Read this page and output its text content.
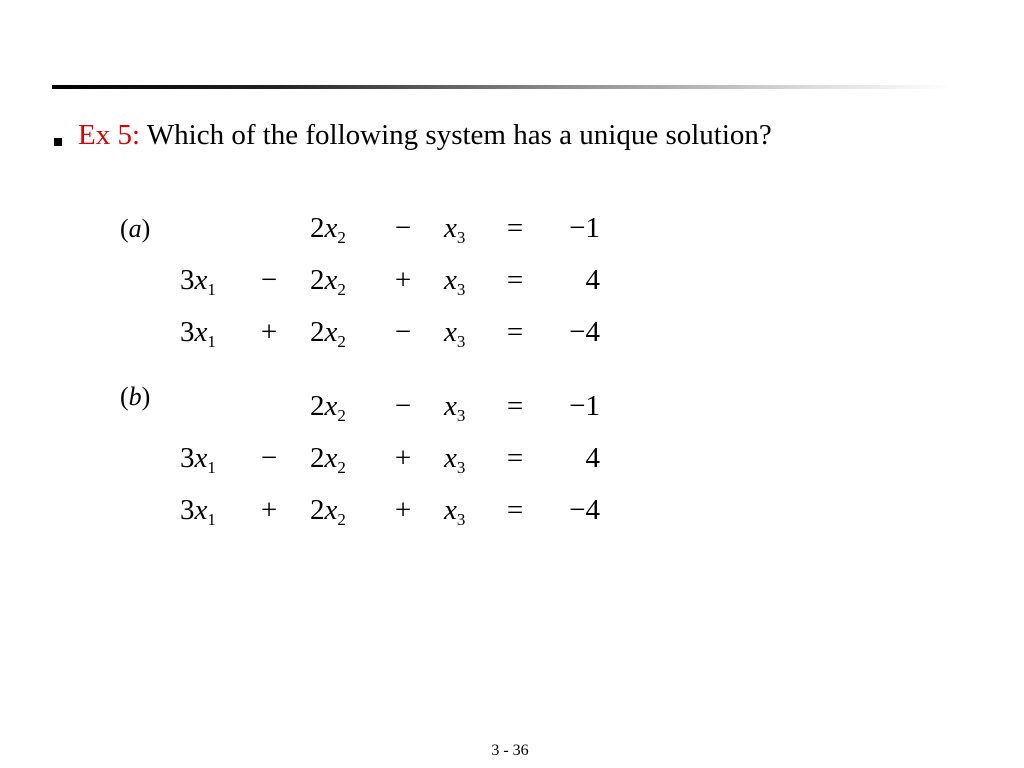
Ex 5: Which of the following system has a unique solution?
(a)	$2x_2 - x_3$ =	−1
$3x_1 - 2x_2 + x_3$ =	4
$3x_1 + 2x_2 - x_3$ =	−4
(b)	$2x_2 - x_3$ =	−1
$3x_1 - 2x_2 + x_3$ =	4
$3x_1 + 2x_2 + x_3$ =	−4
3 - 36
